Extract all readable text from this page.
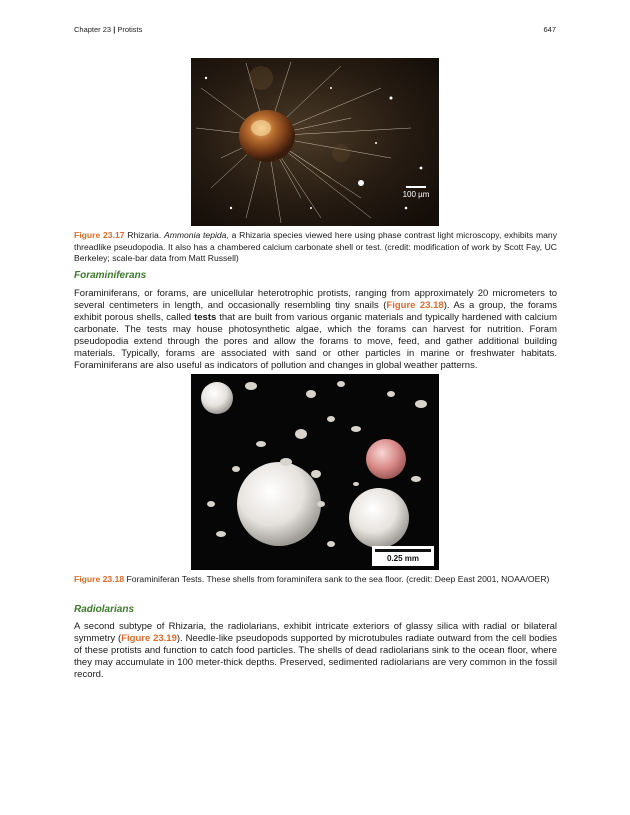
Chapter 23 | Protists	647
100 µm
Figure 23.17 Rhizaria. Ammonia tepida, a Rhizaria species viewed here using phase contrast light microscopy, exhibits many threadlike pseudopodia. It also has a chambered calcium carbonate shell or test. (credit: modification of work by Scott Fay, UC Berkeley; scale-bar data from Matt Russell)
Foraminiferans
Foraminiferans, or forams, are unicellular heterotrophic protists, ranging from approximately 20 micrometers to several centimeters in length, and occasionally resembling tiny snails (Figure 23.18). As a group, the forams exhibit porous shells, called tests that are built from various organic materials and typically hardened with calcium carbonate. The tests may house photosynthetic algae, which the forams can harvest for nutrition. Foram pseudopodia extend through the pores and allow the forams to move, feed, and gather additional building materials. Typically, forams are associated with sand or other particles in marine or freshwater habitats. Foraminiferans are also useful as indicators of pollution and changes in global weather patterns.
0.25 mm
Figure 23.18 Foraminiferan Tests. These shells from foraminifera sank to the sea floor. (credit: Deep East 2001, NOAA/OER)
Radiolarians
A second subtype of Rhizaria, the radiolarians, exhibit intricate exteriors of glassy silica with radial or bilateral symmetry (Figure 23.19). Needle-like pseudopods supported by microtubules radiate outward from the cell bodies of these protists and function to catch food particles. The shells of dead radiolarians sink to the ocean floor, where they may accumulate in 100 meter-thick depths. Preserved, sedimented radiolarians are very common in the fossil record.
